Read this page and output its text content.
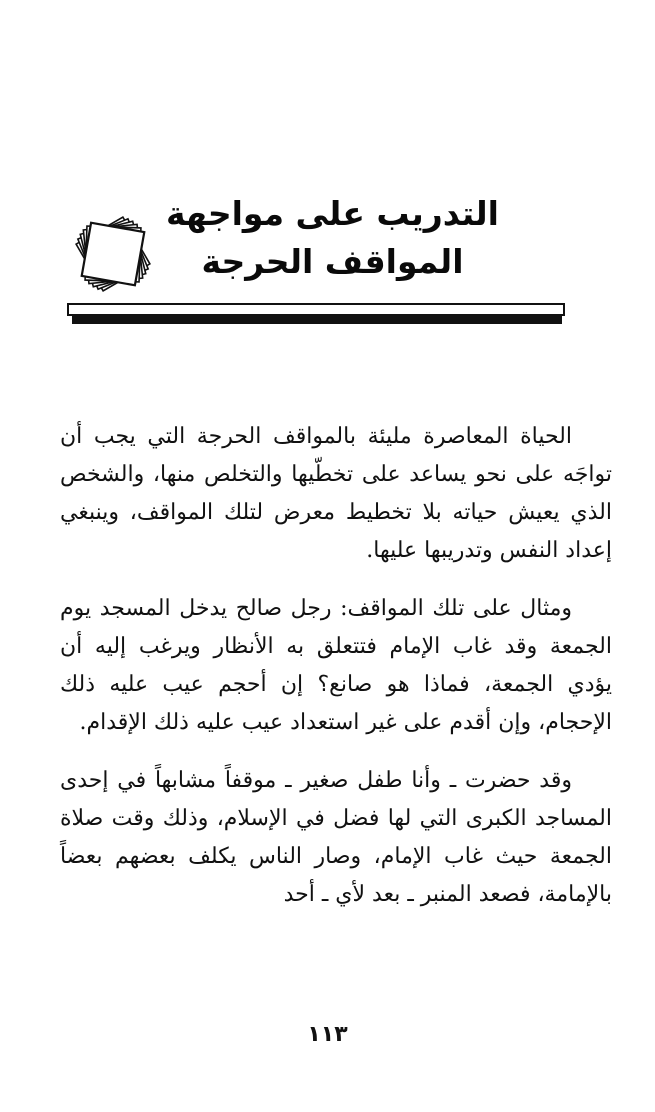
التدريب على مواجهة
المواقف الحرجة

الحياة المعاصرة مليئة بالمواقف الحرجة التي يجب أن تواجَه على نحو يساعد على تخطّيها والتخلص منها، والشخص الذي يعيش حياته بلا تخطيط معرض لتلك المواقف، وينبغي إعداد النفس وتدريبها عليها.

ومثال على تلك المواقف: رجل صالح يدخل المسجد يوم الجمعة وقد غاب الإمام فتتعلق به الأنظار ويرغب إليه أن يؤدي الجمعة، فماذا هو صانع؟ إن أحجم عيب عليه ذلك الإحجام، وإن أقدم على غير استعداد عيب عليه ذلك الإقدام.

وقد حضرت ـ وأنا طفل صغير ـ موقفاً مشابهاً في إحدى المساجد الكبرى التي لها فضل في الإسلام، وذلك وقت صلاة الجمعة حيث غاب الإمام، وصار الناس يكلف بعضهم بعضاً بالإمامة، فصعد المنبر ـ بعد لأي ـ أحد

١١٣
